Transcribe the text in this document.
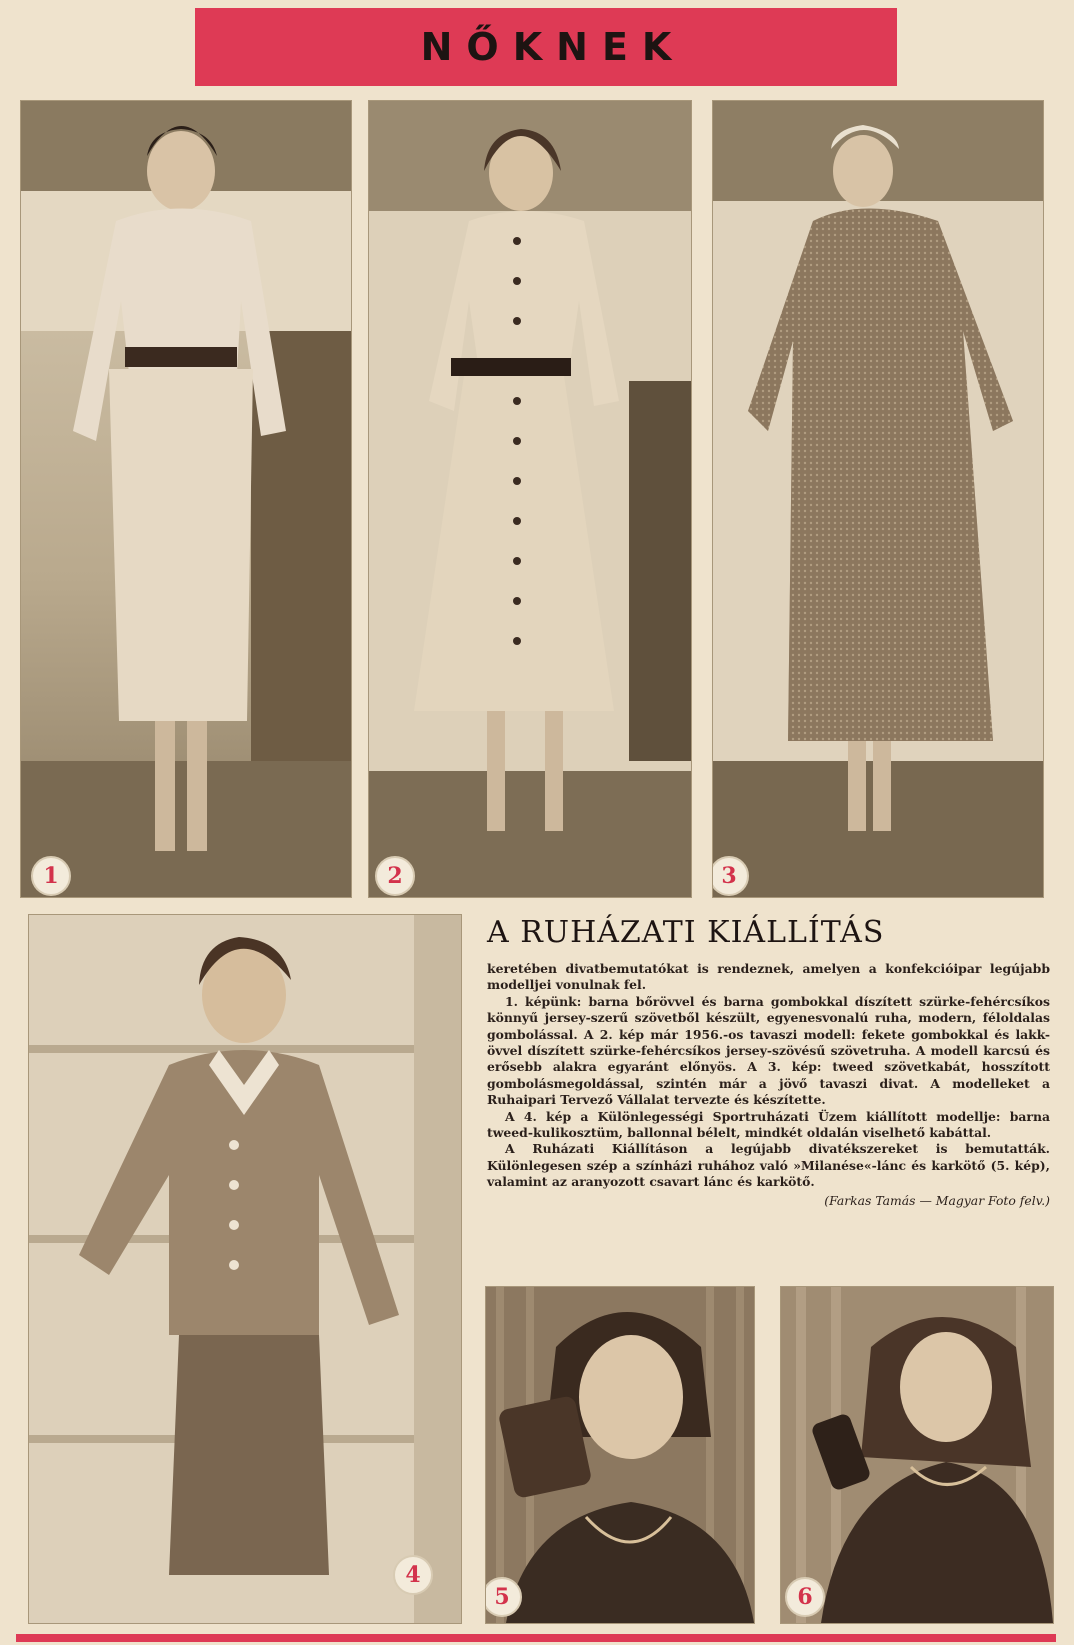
NŐKNEK
1	2	3
4
A RUHÁZATI KIÁLLÍTÁS

keretében divatbemutatókat is rendeznek, amelyen a konfekcióipar legújabb modelljei vonulnak fel.

1. képünk: barna bőrövvel és barna gombokkal díszített szürke-fehércsíkos könnyű jersey-szerű szövetből készült, egyenesvonalú ruha, modern, féloldalas gombolással. A 2. kép már 1956.-os tavaszi modell: fekete gombokkal és lakk-övvel díszített szürke-fehércsíkos jersey-szövésű szövetruha. A modell karcsú és erősebb alakra egyaránt előnyös. A 3. kép: tweed szövetkabát, hosszított gombolásmegoldással, szintén már a jövő tavaszi divat. A modelleket a Ruhaipari Tervező Vállalat tervezte és készítette.

A 4. kép a Különlegességi Sportruházati Üzem kiállított modellje: barna tweed-kulikosztüm, ballonnal bélelt, mindkét oldalán viselhető kabáttal.

A Ruházati Kiállításon a legújabb divatékszereket is bemutatták. Különlegesen szép a színházi ruhához való »Milanése«-lánc és karkötő (5. kép), valamint az aranyozott csavart lánc és karkötő.

(Farkas Tamás — Magyar Foto felv.)

5	6
